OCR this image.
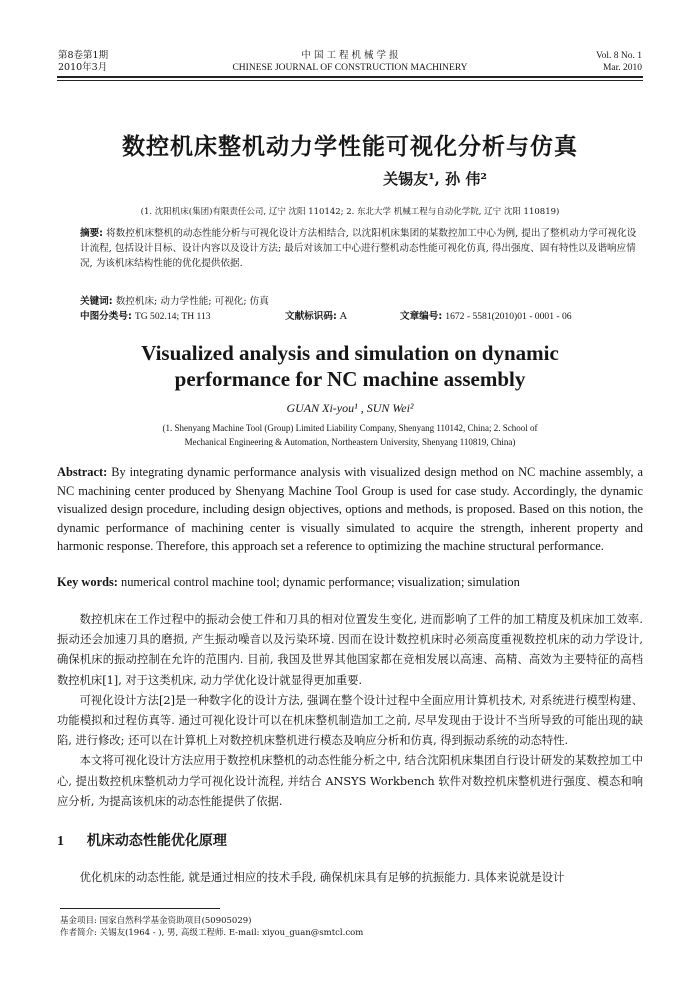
第8卷第1期
2010年3月
中 国 工 程 机 械 学 报
CHINESE JOURNAL OF CONSTRUCTION MACHINERY
Vol. 8 No. 1
Mar. 2010
数控机床整机动力学性能可视化分析与仿真
关锡友¹, 孙 伟²
(1. 沈阳机床(集团)有限责任公司, 辽宁 沈阳 110142; 2. 东北大学 机械工程与自动化学院, 辽宁 沈阳 110819)
摘要: 将数控机床整机的动态性能分析与可视化设计方法相结合, 以沈阳机床集团的某数控加工中心为例, 提出了整机动力学可视化设计流程, 包括设计目标、设计内容以及设计方法; 最后对该加工中心进行整机动态性能可视化仿真, 得出强度、固有特性以及谐响应情况, 为该机床结构性能的优化提供依据.
关键词: 数控机床; 动力学性能; 可视化; 仿真
中图分类号: TG 502.14; TH 113	文献标识码: A	文章编号: 1672 - 5581(2010)01 - 0001 - 06
Visualized analysis and simulation on dynamic
performance for NC machine assembly
GUAN Xi-you¹ , SUN Wei²
(1. Shenyang Machine Tool (Group) Limited Liability Company, Shenyang 110142, China; 2. School of
Mechanical Engineering & Automation, Northeastern University, Shenyang 110819, China)
Abstract: By integrating dynamic performance analysis with visualized design method on NC machine assembly, a NC machining center produced by Shenyang Machine Tool Group is used for case study. Accordingly, the dynamic visualized design procedure, including design objectives, options and methods, is proposed. Based on this notion, the dynamic performance of machining center is visually simulated to acquire the strength, inherent property and harmonic response. Therefore, this approach set a reference to optimizing the machine structural performance.
Key words: numerical control machine tool; dynamic performance; visualization; simulation

数控机床在工作过程中的振动会使工件和刀具的相对位置发生变化, 进而影响了工件的加工精度及机床加工效率. 振动还会加速刀具的磨损, 产生振动噪音以及污染环境. 因而在设计数控机床时必须高度重视数控机床的动力学设计, 确保机床的振动控制在允许的范围内. 目前, 我国及世界其他国家都在竞相发展以高速、高精、高效为主要特征的高档数控机床[1], 对于这类机床, 动力学优化设计就显得更加重要.

可视化设计方法[2]是一种数字化的设计方法, 强调在整个设计过程中全面应用计算机技术, 对系统进行模型构建、功能模拟和过程仿真等. 通过可视化设计可以在机床整机制造加工之前, 尽早发现由于设计不当所导致的可能出现的缺陷, 进行修改; 还可以在计算机上对数控机床整机进行模态及响应分析和仿真, 得到振动系统的动态特性.

本文将可视化设计方法应用于数控机床整机的动态性能分析之中, 结合沈阳机床集团自行设计研发的某数控加工中心, 提出数控机床整机动力学可视化设计流程, 并结合 ANSYS Workbench 软件对数控机床整机进行强度、模态和响应分析, 为提高该机床的动态性能提供了依据.

1 机床动态性能优化原理

优化机床的动态性能, 就是通过相应的技术手段, 确保机床具有足够的抗振能力. 具体来说就是设计

基金项目: 国家自然科学基金资助项目(50905029)
作者简介: 关锡友(1964 - ), 男, 高级工程师. E-mail: xiyou_guan@smtcl.com
